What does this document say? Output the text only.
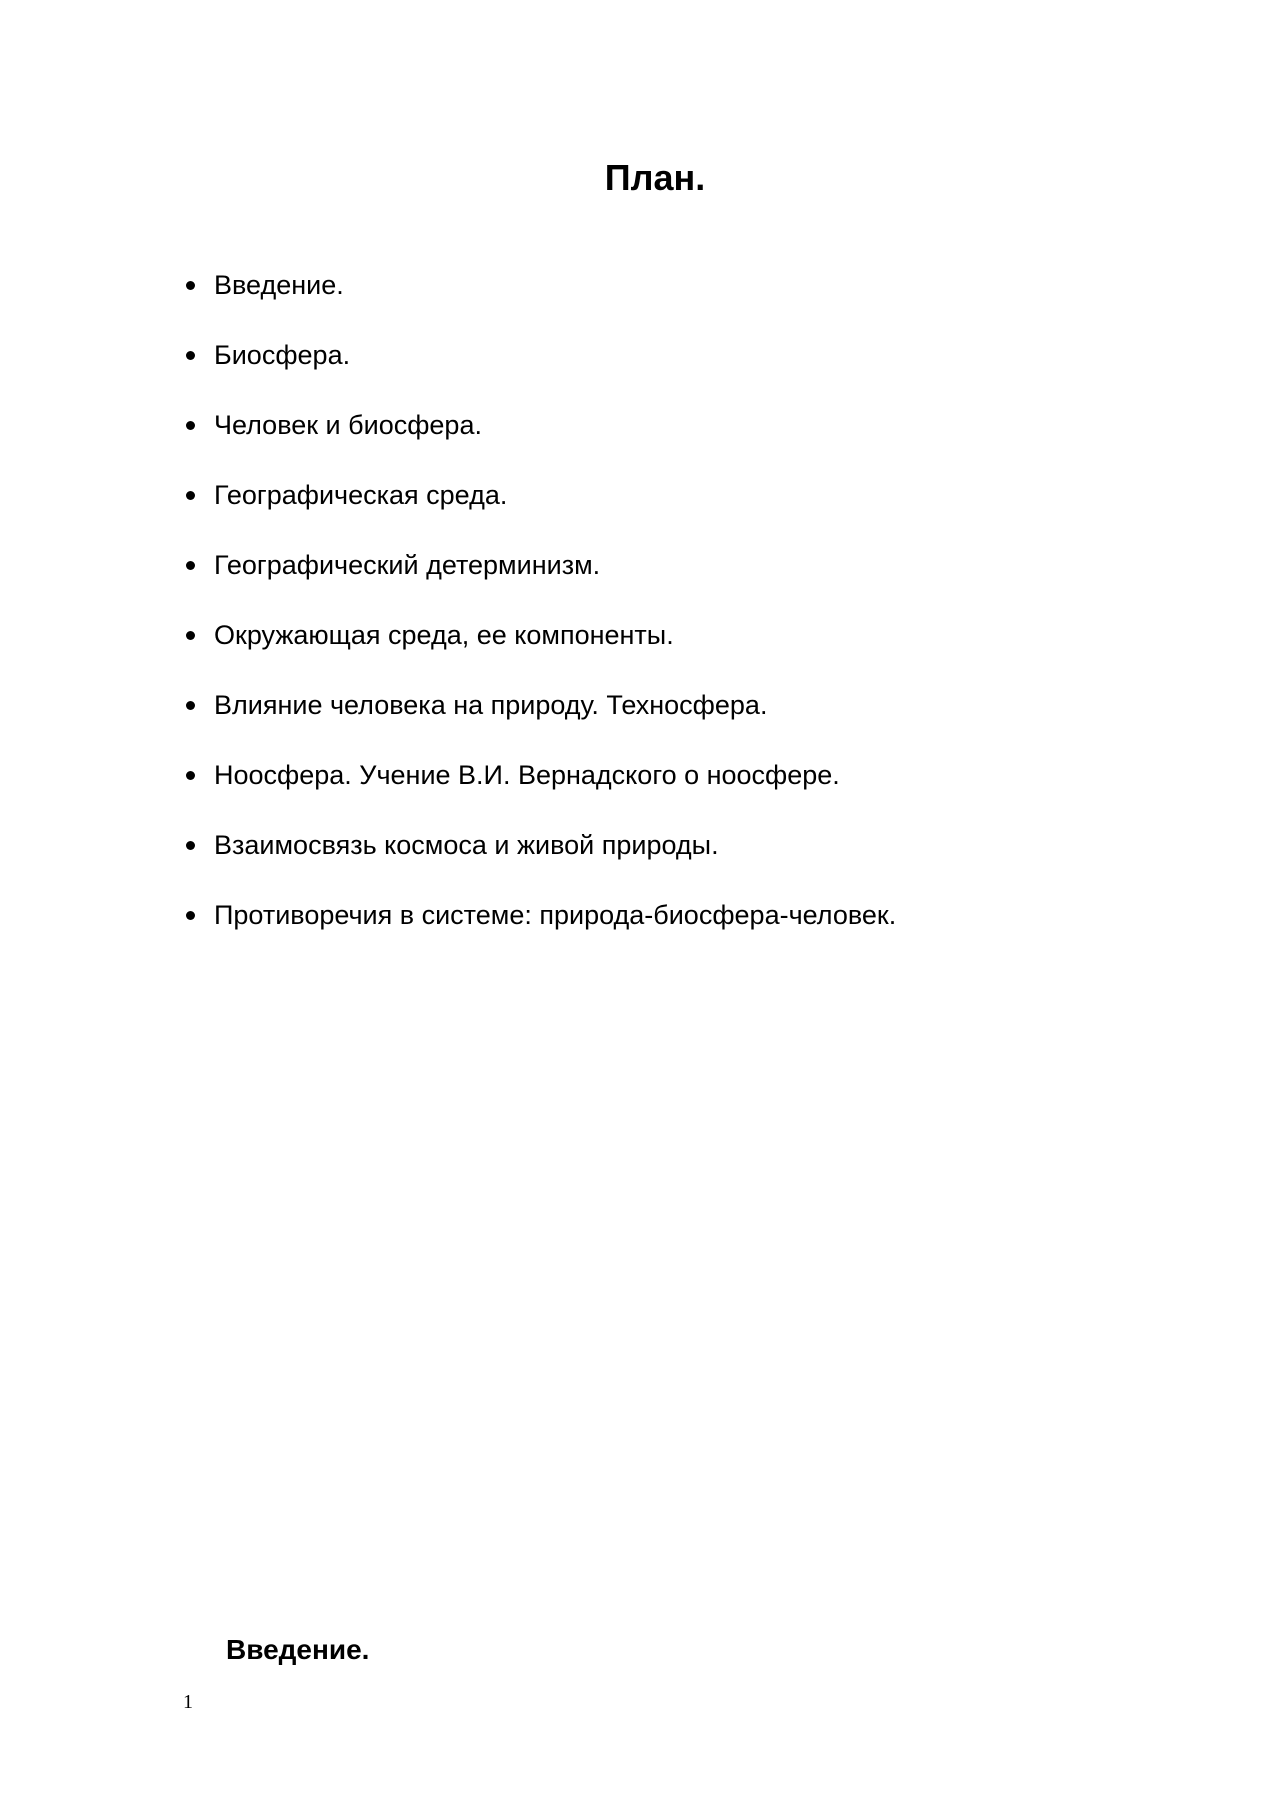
План.
Введение.
Биосфера.
Человек и биосфера.
Географическая среда.
Географический детерминизм.
Окружающая среда, ее компоненты.
Влияние человека на природу. Техносфера.
Ноосфера. Учение В.И. Вернадского о ноосфере.
Взаимосвязь космоса и живой природы.
Противоречия в системе: природа-биосфера-человек.
Введение.
1
